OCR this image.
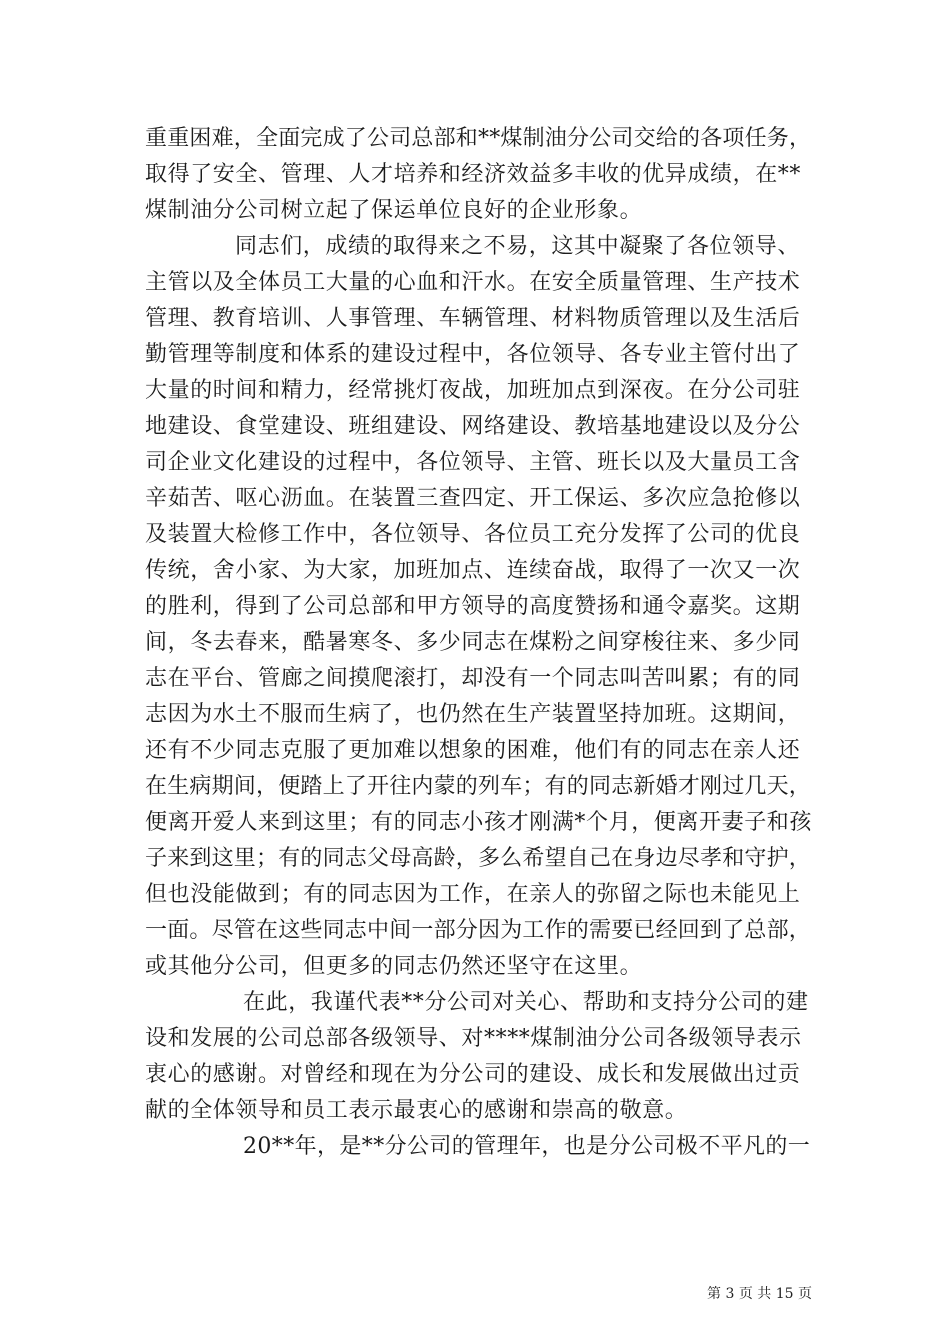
重重困难，全面完成了公司总部和**煤制油分公司交给的各项任务，
取得了安全、管理、人才培养和经济效益多丰收的优异成绩，在**
煤制油分公司树立起了保运单位良好的企业形象。
同志们，成绩的取得来之不易，这其中凝聚了各位领导、
主管以及全体员工大量的心血和汗水。在安全质量管理、生产技术
管理、教育培训、人事管理、车辆管理、材料物质管理以及生活后
勤管理等制度和体系的建设过程中，各位领导、各专业主管付出了
大量的时间和精力，经常挑灯夜战，加班加点到深夜。在分公司驻
地建设、食堂建设、班组建设、网络建设、教培基地建设以及分公
司企业文化建设的过程中，各位领导、主管、班长以及大量员工含
辛茹苦、呕心沥血。在装置三查四定、开工保运、多次应急抢修以
及装置大检修工作中，各位领导、各位员工充分发挥了公司的优良
传统，舍小家、为大家，加班加点、连续奋战，取得了一次又一次
的胜利，得到了公司总部和甲方领导的高度赞扬和通令嘉奖。这期
间，冬去春来，酷暑寒冬、多少同志在煤粉之间穿梭往来、多少同
志在平台、管廊之间摸爬滚打，却没有一个同志叫苦叫累；有的同
志因为水土不服而生病了，也仍然在生产装置坚持加班。这期间，
还有不少同志克服了更加难以想象的困难，他们有的同志在亲人还
在生病期间，便踏上了开往内蒙的列车；有的同志新婚才刚过几天，
便离开爱人来到这里；有的同志小孩才刚满*个月，便离开妻子和孩
子来到这里；有的同志父母高龄，多么希望自己在身边尽孝和守护，
但也没能做到；有的同志因为工作，在亲人的弥留之际也未能见上
一面。尽管在这些同志中间一部分因为工作的需要已经回到了总部，
或其他分公司，但更多的同志仍然还坚守在这里。
在此，我谨代表**分公司对关心、帮助和支持分公司的建
设和发展的公司总部各级领导、对****煤制油分公司各级领导表示
衷心的感谢。对曾经和现在为分公司的建设、成长和发展做出过贡
献的全体领导和员工表示最衷心的感谢和崇高的敬意。
20**年，是**分公司的管理年，也是分公司极不平凡的一
第 3 页 共 15 页
